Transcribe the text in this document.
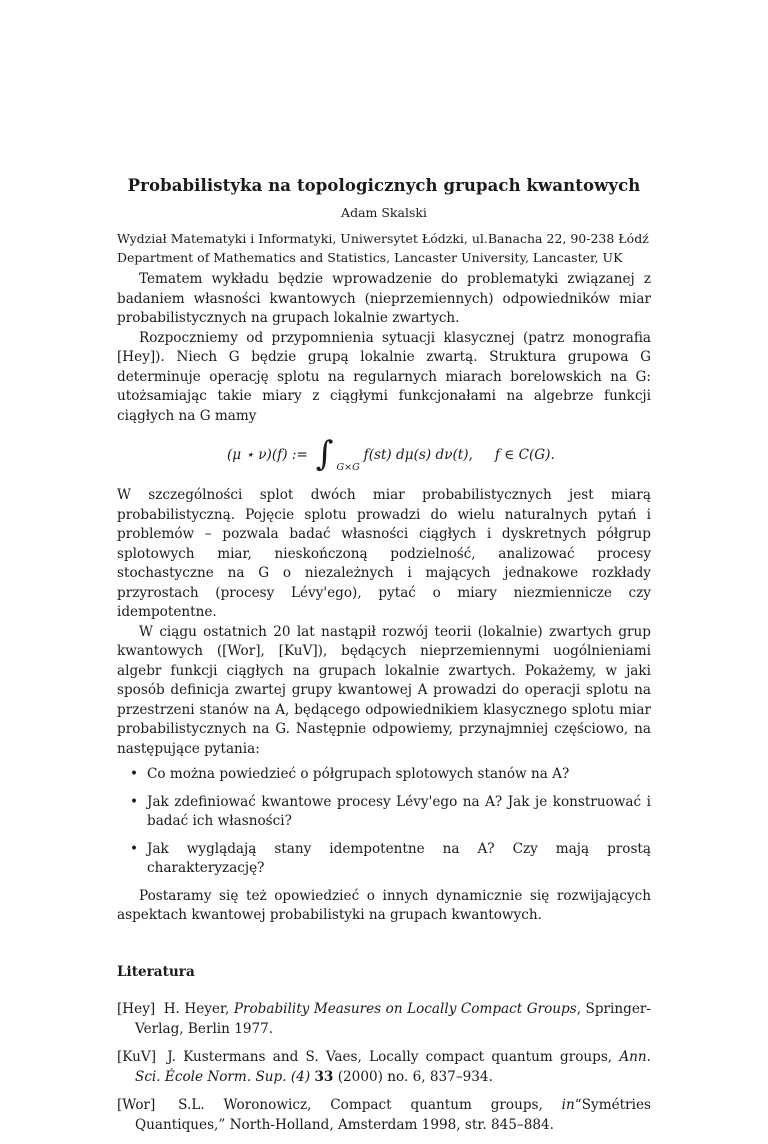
Probabilistyka na topologicznych grupach kwantowych
Adam Skalski
Wydział Matematyki i Informatyki, Uniwersytet Łódzki, ul.Banacha 22, 90-238 Łódź
Department of Mathematics and Statistics, Lancaster University, Lancaster, UK

Tematem wykładu będzie wprowadzenie do problematyki związanej z badaniem własności kwantowych (nieprzemiennych) odpowiedników miar probabilistycznych na grupach lokalnie zwartych.

Rozpoczniemy od przypomnienia sytuacji klasycznej (patrz monografia [Hey]). Niech G będzie grupą lokalnie zwartą. Struktura grupowa G determinuje operację splotu na regularnych miarach borelowskich na G: utożsamiając takie miary z ciągłymi funkcjonałami na algebrze funkcji ciągłych na G mamy

(μ ⋆ ν)(f) := ∫ G×G
f(st) dμ(s) dν(t), f ∈ C(G).

W szczególności splot dwóch miar probabilistycznych jest miarą probabilistyczną. Pojęcie splotu prowadzi do wielu naturalnych pytań i problemów – pozwala badać własności ciągłych i dyskretnych półgrup splotowych miar, nieskończoną podzielność, analizować procesy stochastyczne na G o niezależnych i mających jednakowe rozkłady przyrostach (procesy Lévy'ego), pytać o miary niezmiennicze czy idempotentne.

W ciągu ostatnich 20 lat nastąpił rozwój teorii (lokalnie) zwartych grup kwantowych ([Wor], [KuV]), będących nieprzemiennymi uogólnieniami algebr funkcji ciągłych na grupach lokalnie zwartych. Pokażemy, w jaki sposób definicja zwartej grupy kwantowej A prowadzi do operacji splotu na przestrzeni stanów na A, będącego odpowiednikiem klasycznego splotu miar probabilistycznych na G. Następnie odpowiemy, przynajmniej częściowo, na następujące pytania:

• Co można powiedzieć o półgrupach splotowych stanów na A?
• Jak zdefiniować kwantowe procesy Lévy'ego na A? Jak je konstruować i badać ich własności?
• Jak wyglądają stany idempotentne na A? Czy mają prostą charakteryzację?

Postaramy się też opowiedzieć o innych dynamicznie się rozwijających aspektach kwantowej probabilistyki na grupach kwantowych.

Literatura
[Hey] H. Heyer, Probability Measures on Locally Compact Groups, Springer-Verlag, Berlin 1977.
[KuV] J. Kustermans and S. Vaes, Locally compact quantum groups, Ann. Sci. École Norm. Sup. (4) 33 (2000) no. 6, 837–934.
[Wor] S.L. Woronowicz, Compact quantum groups, in“Symétries Quantiques,” North-Holland, Amsterdam 1998, str. 845–884.
